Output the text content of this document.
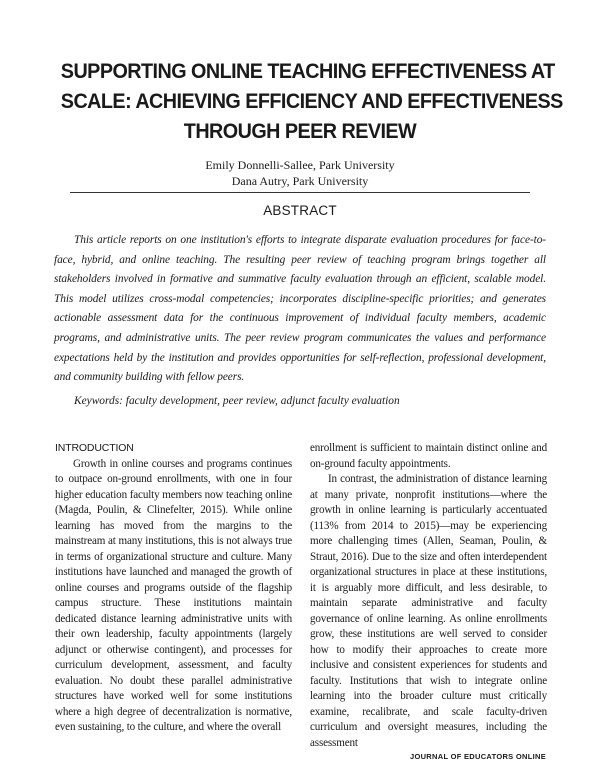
SUPPORTING ONLINE TEACHING EFFECTIVENESS AT
SCALE: ACHIEVING EFFICIENCY AND EFFECTIVENESS
THROUGH PEER REVIEW
Emily Donnelli-Sallee, Park University
Dana Autry, Park University
ABSTRACT

This article reports on one institution's efforts to integrate disparate evaluation procedures for face-to-face, hybrid, and online teaching. The resulting peer review of teaching program brings together all stakeholders involved in formative and summative faculty evaluation through an efficient, scalable model. This model utilizes cross-modal competencies; incorporates discipline-specific priorities; and generates actionable assessment data for the continuous improvement of individual faculty members, academic programs, and administrative units. The peer review program communicates the values and performance expectations held by the institution and provides opportunities for self-reflection, professional development, and community building with fellow peers.

Keywords: faculty development, peer review, adjunct faculty evaluation

INTRODUCTION

Growth in online courses and programs continues to outpace on-ground enrollments, with one in four higher education faculty members now teaching online (Magda, Poulin, & Clinefelter, 2015). While online learning has moved from the margins to the mainstream at many institutions, this is not always true in terms of organizational structure and culture. Many institutions have launched and managed the growth of online courses and programs outside of the flagship campus structure. These institutions maintain dedicated distance learning administrative units with their own leadership, faculty appointments (largely adjunct or otherwise contingent), and processes for curriculum development, assessment, and faculty evaluation. No doubt these parallel administrative structures have worked well for some institutions where a high degree of decentralization is normative, even sustaining, to the culture, and where the overall

enrollment is sufficient to maintain distinct online and on-ground faculty appointments.

In contrast, the administration of distance learning at many private, nonprofit institutions—where the growth in online learning is particularly accentuated (113% from 2014 to 2015)—may be experiencing more challenging times (Allen, Seaman, Poulin, & Straut, 2016). Due to the size and often interdependent organizational structures in place at these institutions, it is arguably more difficult, and less desirable, to maintain separate administrative and faculty governance of online learning. As online enrollments grow, these institutions are well served to consider how to modify their approaches to create more inclusive and consistent experiences for students and faculty. Institutions that wish to integrate online learning into the broader culture must critically examine, recalibrate, and scale faculty-driven curriculum and oversight measures, including the assessment

JOURNAL OF EDUCATORS ONLINE
